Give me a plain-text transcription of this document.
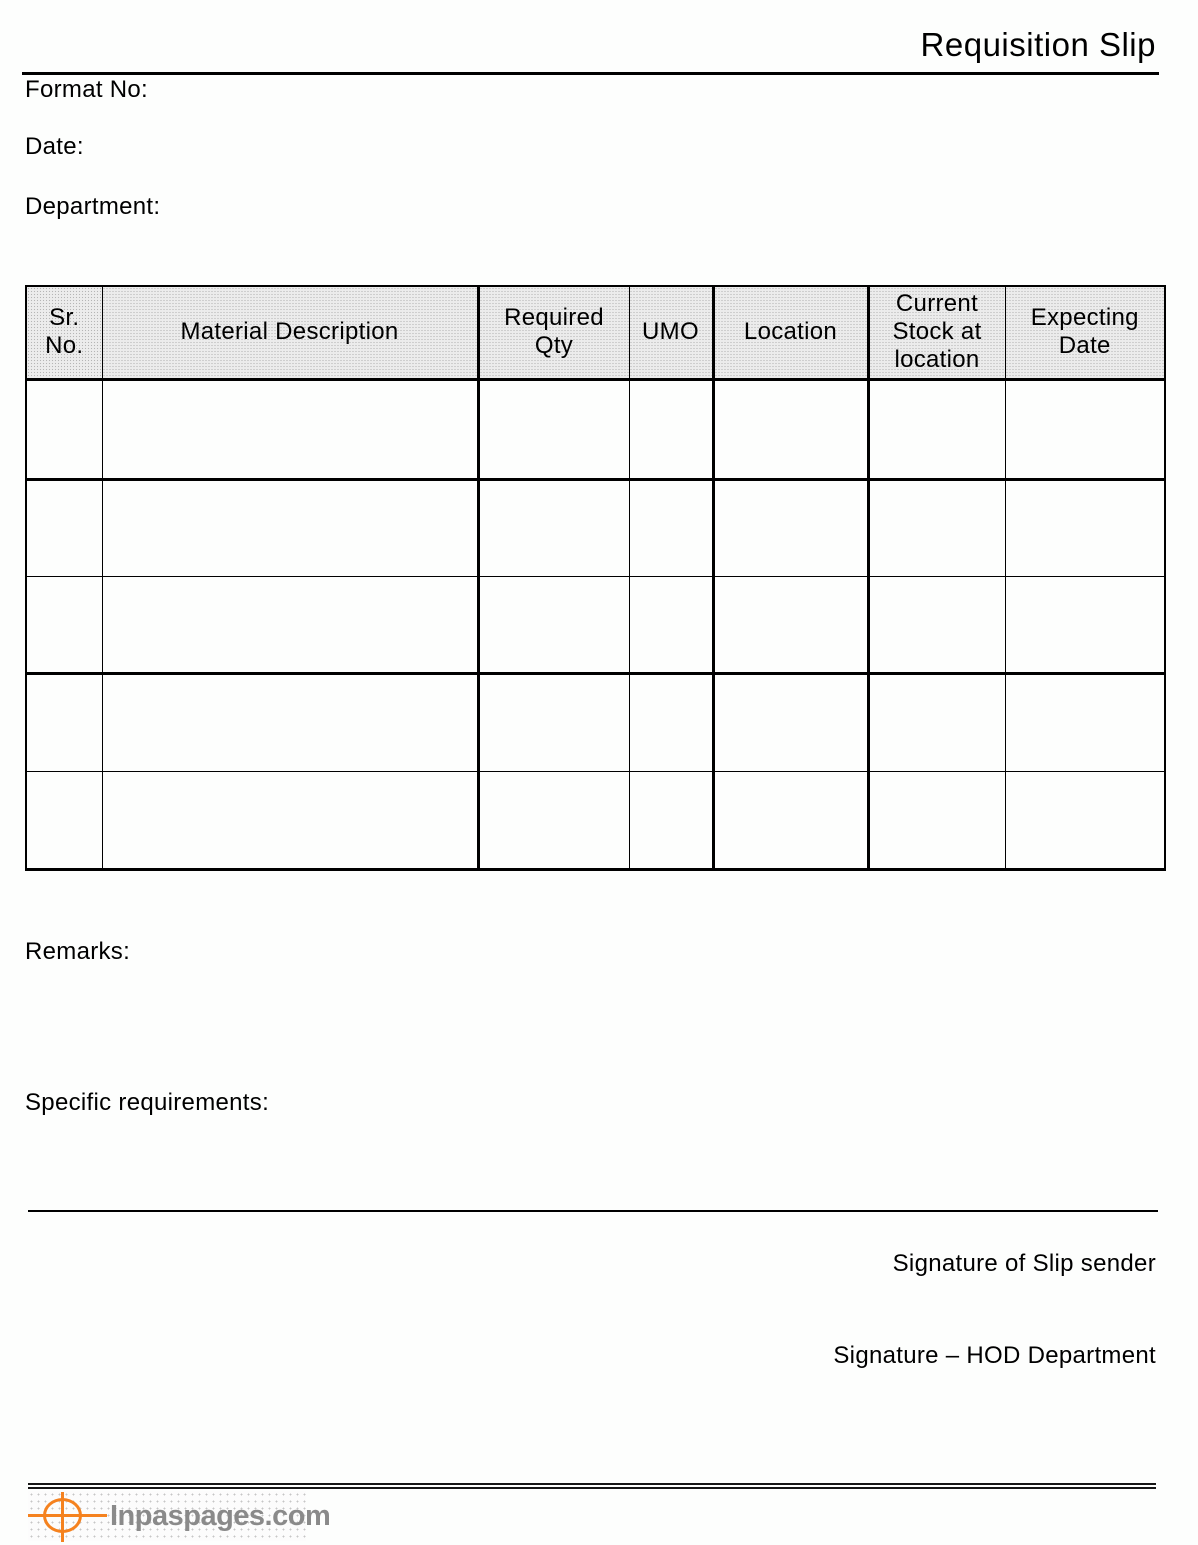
Requisition Slip
Format No:
Date:
Department:
Sr. No.	Material Description	Required Qty	UMO	Location	Current Stock at location	Expecting Date

Remarks:
Specific requirements:
Signature of Slip sender
Signature – HOD Department
Inpaspages.com
